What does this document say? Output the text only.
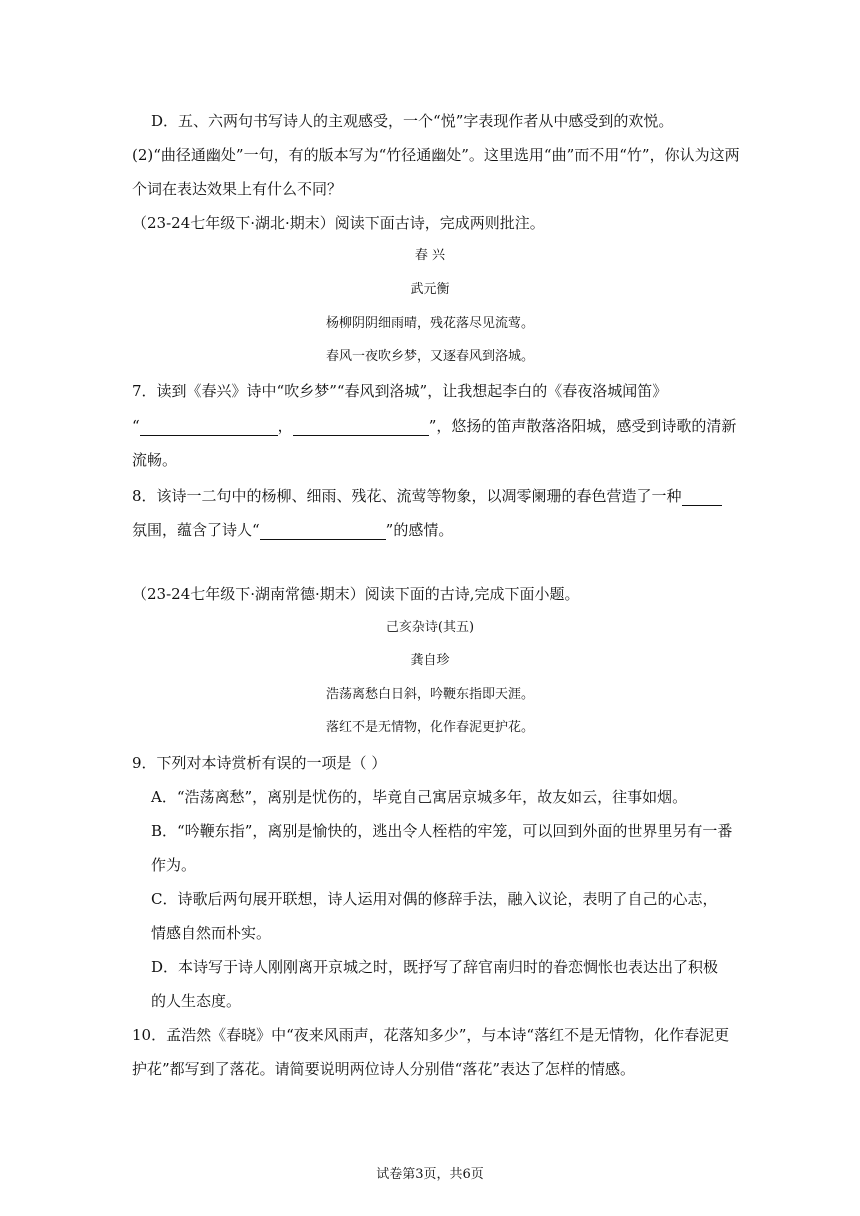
D．五、六两句书写诗人的主观感受，一个“悦”字表现作者从中感受到的欢悦。
(2)“曲径通幽处”一句，有的版本写为“竹径通幽处”。这里选用“曲”而不用“竹”，你认为这两
个词在表达效果上有什么不同？
（23-24七年级下·湖北·期末）阅读下面古诗，完成两则批注。
春 兴
武元衡
杨柳阴阴细雨晴，残花落尽见流莺。
春风一夜吹乡梦，又逐春风到洛城。
7．读到《春兴》诗中“吹乡梦”“春风到洛城”，让我想起李白的《春夜洛城闻笛》
“	，	”，悠扬的笛声散落洛阳城，感受到诗歌的清新
流畅。
8．该诗一二句中的杨柳、细雨、残花、流莺等物象，以凋零阑珊的春色营造了一种
氛围，蕴含了诗人“	”的感情。
（23-24七年级下·湖南常德·期末）阅读下面的古诗,完成下面小题。
己亥杂诗(其五)
龚自珍
浩荡离愁白日斜，吟鞭东指即天涯。
落红不是无情物，化作春泥更护花。
9．下列对本诗赏析有误的一项是（ ）
A．“浩荡离愁”，离别是忧伤的，毕竟自己寓居京城多年，故友如云，往事如烟。
B．“吟鞭东指”，离别是愉快的，逃出令人桎梏的牢笼，可以回到外面的世界里另有一番
作为。
C．诗歌后两句展开联想，诗人运用对偶的修辞手法，融入议论，表明了自己的心志，
情感自然而朴实。
D．本诗写于诗人刚刚离开京城之时，既抒写了辞官南归时的眷恋惆怅也表达出了积极
的人生态度。
10．孟浩然《春晓》中“夜来风雨声，花落知多少”，与本诗“落红不是无情物，化作春泥更
护花”都写到了落花。请简要说明两位诗人分别借“落花”表达了怎样的情感。
试卷第3页，共6页
